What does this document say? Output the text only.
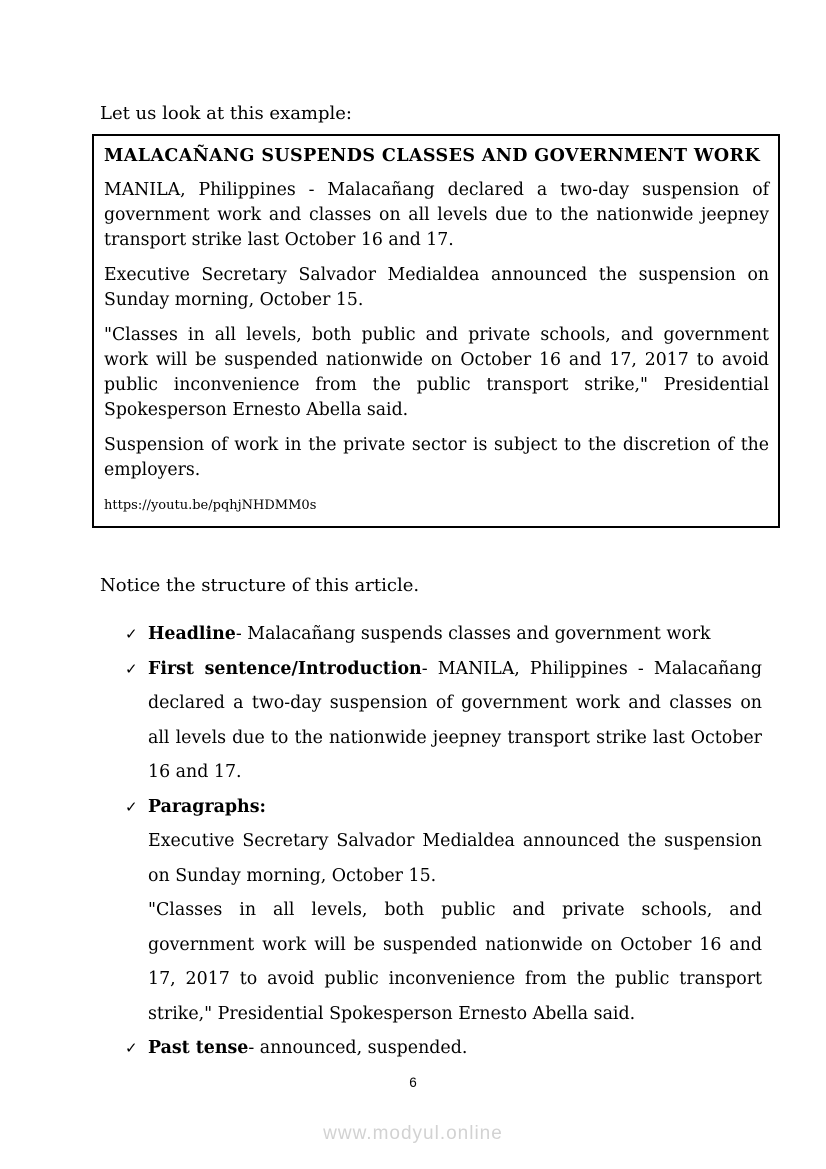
Let us look at this example:

MALACAÑANG SUSPENDS CLASSES AND GOVERNMENT WORK

MANILA, Philippines - Malacañang declared a two-day suspension of government work and classes on all levels due to the nationwide jeepney transport strike last October 16 and 17.

Executive Secretary Salvador Medialdea announced the suspension on Sunday morning, October 15.

"Classes in all levels, both public and private schools, and government work will be suspended nationwide on October 16 and 17, 2017 to avoid public inconvenience from the public transport strike," Presidential Spokesperson Ernesto Abella said.

Suspension of work in the private sector is subject to the discretion of the employers.

https://youtu.be/pqhjNHDMM0s

Notice the structure of this article.

✓ Headline- Malacañang suspends classes and government work
✓ First sentence/Introduction- MANILA, Philippines - Malacañang declared a two-day suspension of government work and classes on all levels due to the nationwide jeepney transport strike last October 16 and 17.
✓ Paragraphs:
Executive Secretary Salvador Medialdea announced the suspension on Sunday morning, October 15.
"Classes in all levels, both public and private schools, and government work will be suspended nationwide on October 16 and 17, 2017 to avoid public inconvenience from the public transport strike," Presidential Spokesperson Ernesto Abella said.
✓ Past tense- announced, suspended.
6
www.modyul.online
